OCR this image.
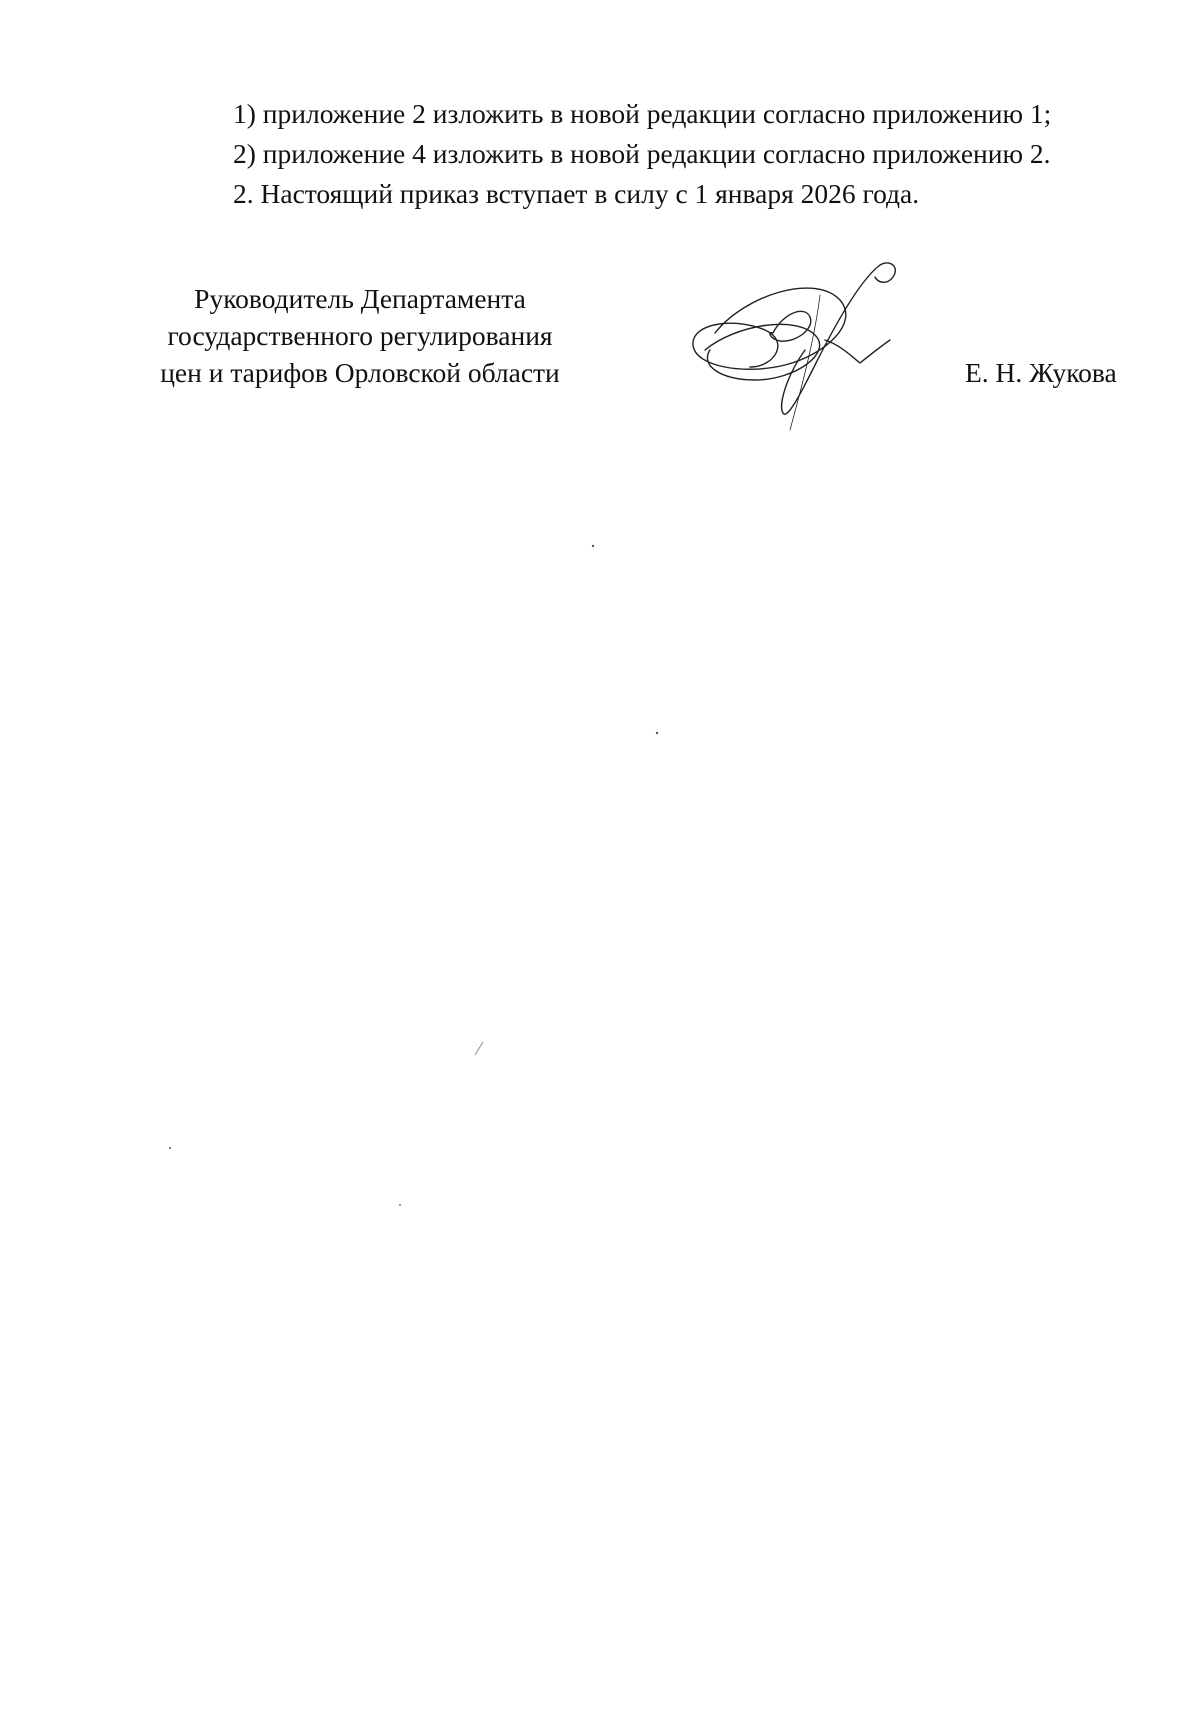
1) приложение 2 изложить в новой редакции согласно приложению 1;

2) приложение 4 изложить в новой редакции согласно приложению 2.

2. Настоящий приказ вступает в силу с 1 января 2026 года.

Руководитель Департамента
государственного регулирования
цен и тарифов Орловской области	Е. Н. Жукова
